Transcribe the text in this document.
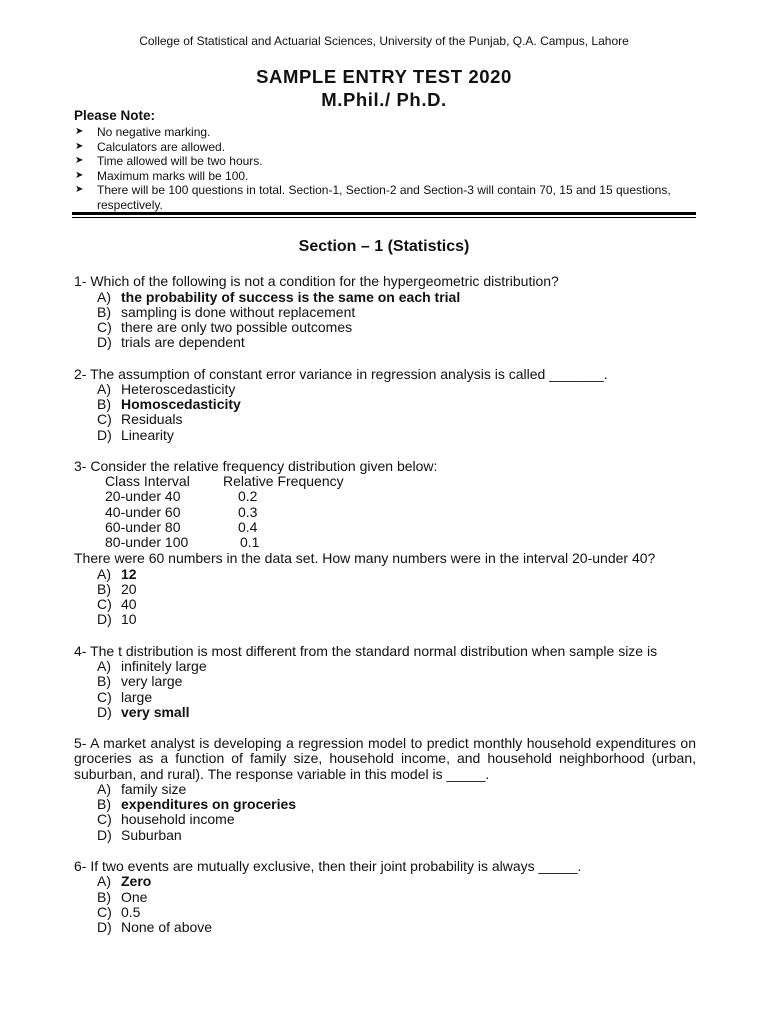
College of Statistical and Actuarial Sciences, University of the Punjab, Q.A. Campus, Lahore
SAMPLE ENTRY TEST 2020
M.Phil./ Ph.D.
Please Note:
➤ No negative marking.
➤ Calculators are allowed.
➤ Time allowed will be two hours.
➤ Maximum marks will be 100.
➤ There will be 100 questions in total. Section-1, Section-2 and Section-3 will contain 70, 15 and 15 questions, respectively.
Section – 1 (Statistics)
1- Which of the following is not a condition for the hypergeometric distribution?
A) the probability of success is the same on each trial
B) sampling is done without replacement
C) there are only two possible outcomes
D) trials are dependent
2- The assumption of constant error variance in regression analysis is called _______.
A) Heteroscedasticity
B) Homoscedasticity
C) Residuals
D) Linearity
3- Consider the relative frequency distribution given below:
Class Interval Relative Frequency
20-under 40	0.2
40-under 60	0.3
60-under 80	0.4
80-under 100	0.1
There were 60 numbers in the data set. How many numbers were in the interval 20-under 40?
A) 12
B) 20
C) 40
D) 10
4- The t distribution is most different from the standard normal distribution when sample size is
A) infinitely large
B) very large
C) large
D) very small
5- A market analyst is developing a regression model to predict monthly household expenditures on groceries as a function of family size, household income, and household neighborhood (urban, suburban, and rural). The response variable in this model is _____.
A) family size
B) expenditures on groceries
C) household income
D) Suburban
6- If two events are mutually exclusive, then their joint probability is always _____.
A) Zero
B) One
C) 0.5
D) None of above
